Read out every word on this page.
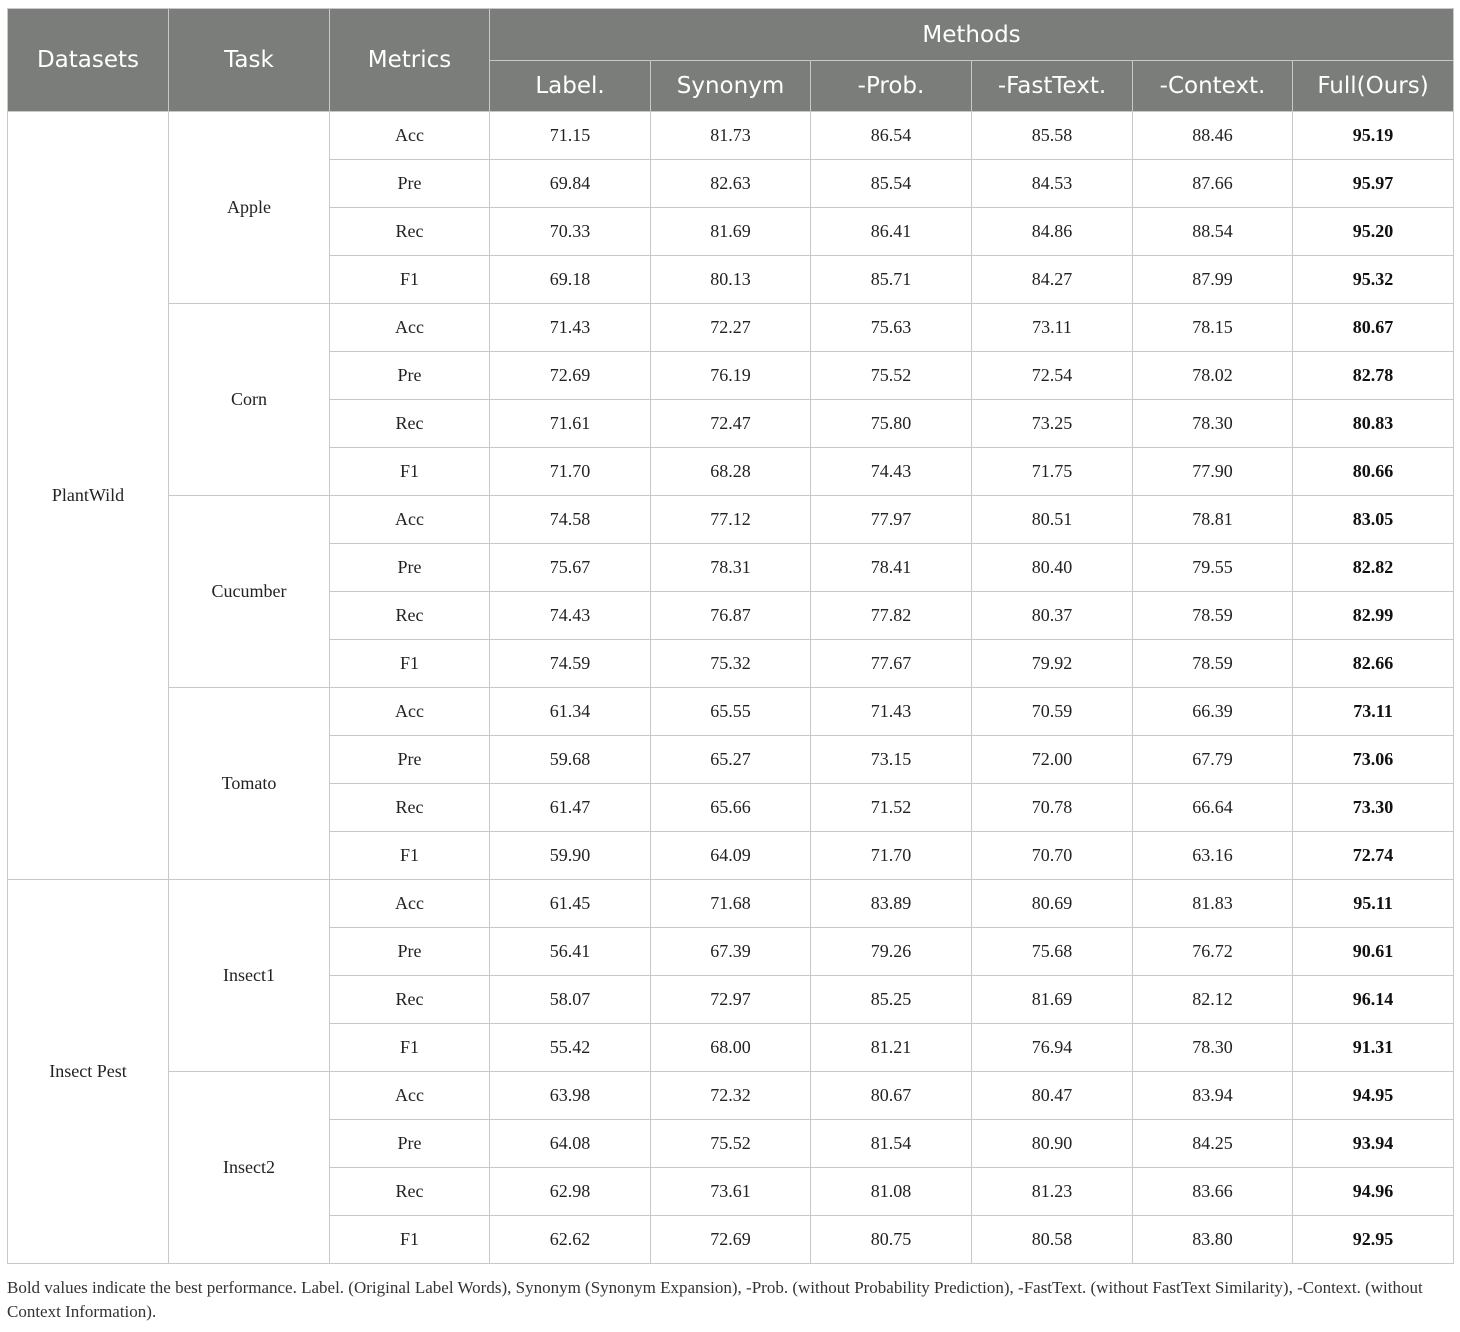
Datasets	Task	Metrics	Methods					
			Label.	Synonym	-Prob.	-FastText.	-Context.	Full(Ours)
PlantWild	Apple	Acc	71.15	81.73	86.54	85.58	88.46	95.19
		Pre	69.84	82.63	85.54	84.53	87.66	95.97
		Rec	70.33	81.69	86.41	84.86	88.54	95.20
		F1	69.18	80.13	85.71	84.27	87.99	95.32
	Corn	Acc	71.43	72.27	75.63	73.11	78.15	80.67
		Pre	72.69	76.19	75.52	72.54	78.02	82.78
		Rec	71.61	72.47	75.80	73.25	78.30	80.83
		F1	71.70	68.28	74.43	71.75	77.90	80.66
	Cucumber	Acc	74.58	77.12	77.97	80.51	78.81	83.05
		Pre	75.67	78.31	78.41	80.40	79.55	82.82
		Rec	74.43	76.87	77.82	80.37	78.59	82.99
		F1	74.59	75.32	77.67	79.92	78.59	82.66
	Tomato	Acc	61.34	65.55	71.43	70.59	66.39	73.11
		Pre	59.68	65.27	73.15	72.00	67.79	73.06
		Rec	61.47	65.66	71.52	70.78	66.64	73.30
		F1	59.90	64.09	71.70	70.70	63.16	72.74
Insect Pest	Insect1	Acc	61.45	71.68	83.89	80.69	81.83	95.11
		Pre	56.41	67.39	79.26	75.68	76.72	90.61
		Rec	58.07	72.97	85.25	81.69	82.12	96.14
		F1	55.42	68.00	81.21	76.94	78.30	91.31
	Insect2	Acc	63.98	72.32	80.67	80.47	83.94	94.95
		Pre	64.08	75.52	81.54	80.90	84.25	93.94
		Rec	62.98	73.61	81.08	81.23	83.66	94.96
		F1	62.62	72.69	80.75	80.58	83.80	92.95
Bold values indicate the best performance. Label. (Original Label Words), Synonym (Synonym Expansion), -Prob. (without Probability Prediction), -FastText. (without FastText Similarity), -Context. (without Context Information).
